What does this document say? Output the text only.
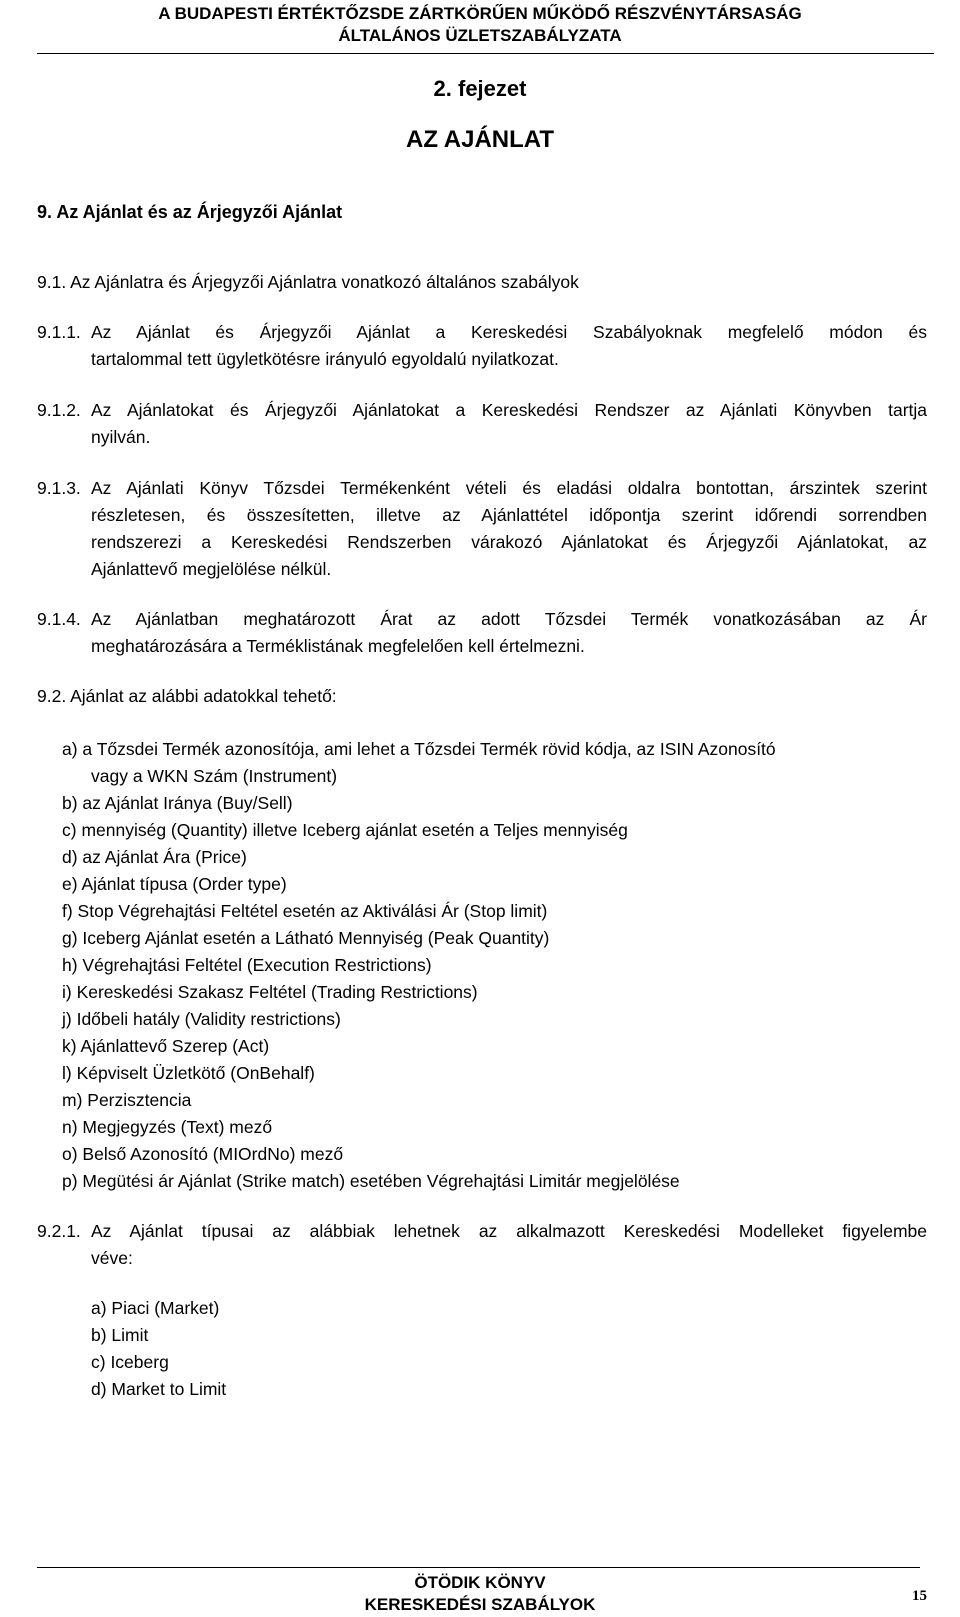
A BUDAPESTI ÉRTÉKTŐZSDE ZÁRTKÖRŰEN MŰKÖDŐ RÉSZVÉNYTÁRSASÁG
ÁLTALÁNOS ÜZLETSZABÁLYZATA
2. fejezet
AZ AJÁNLAT
9. Az Ajánlat és az Árjegyzői Ajánlat
9.1. Az Ajánlatra és Árjegyzői Ajánlatra vonatkozó általános szabályok
9.1.1. Az Ajánlat és Árjegyzői Ajánlat a Kereskedési Szabályoknak megfelelő módon és
tartalommal tett ügyletkötésre irányuló egyoldalú nyilatkozat.
9.1.2. Az Ajánlatokat és Árjegyzői Ajánlatokat a Kereskedési Rendszer az Ajánlati Könyvben tartja
nyilván.
9.1.3. Az Ajánlati Könyv Tőzsdei Termékenként vételi és eladási oldalra bontottan, árszintek szerint
részletesen, és összesítetten, illetve az Ajánlattétel időpontja szerint időrendi sorrendben
rendszerezi a Kereskedési Rendszerben várakozó Ajánlatokat és Árjegyzői Ajánlatokat, az
Ajánlattevő megjelölése nélkül.
9.1.4. Az Ajánlatban meghatározott Árat az adott Tőzsdei Termék vonatkozásában az Ár
meghatározására a Terméklistának megfelelően kell értelmezni.
9.2. Ajánlat az alábbi adatokkal tehető:
a) a Tőzsdei Termék azonosítója, ami lehet a Tőzsdei Termék rövid kódja, az ISIN Azonosító
vagy a WKN Szám (Instrument)
b) az Ajánlat Iránya (Buy/Sell)
c) mennyiség (Quantity) illetve Iceberg ajánlat esetén a Teljes mennyiség
d) az Ajánlat Ára (Price)
e) Ajánlat típusa (Order type)
f) Stop Végrehajtási Feltétel esetén az Aktiválási Ár (Stop limit)
g) Iceberg Ajánlat esetén a Látható Mennyiség (Peak Quantity)
h) Végrehajtási Feltétel (Execution Restrictions)
i) Kereskedési Szakasz Feltétel (Trading Restrictions)
j) Időbeli hatály (Validity restrictions)
k) Ajánlattevő Szerep (Act)
l) Képviselt Üzletkötő (OnBehalf)
m) Perzisztencia
n) Megjegyzés (Text) mező
o) Belső Azonosító (MIOrdNo) mező
p) Megütési ár Ajánlat (Strike match) esetében Végrehajtási Limitár megjelölése
9.2.1. Az Ajánlat típusai az alábbiak lehetnek az alkalmazott Kereskedési Modelleket figyelembe
véve:
a) Piaci (Market)
b) Limit
c) Iceberg
d) Market to Limit
ÖTÖDIK KÖNYV
KERESKEDÉSI SZABÁLYOK	15
